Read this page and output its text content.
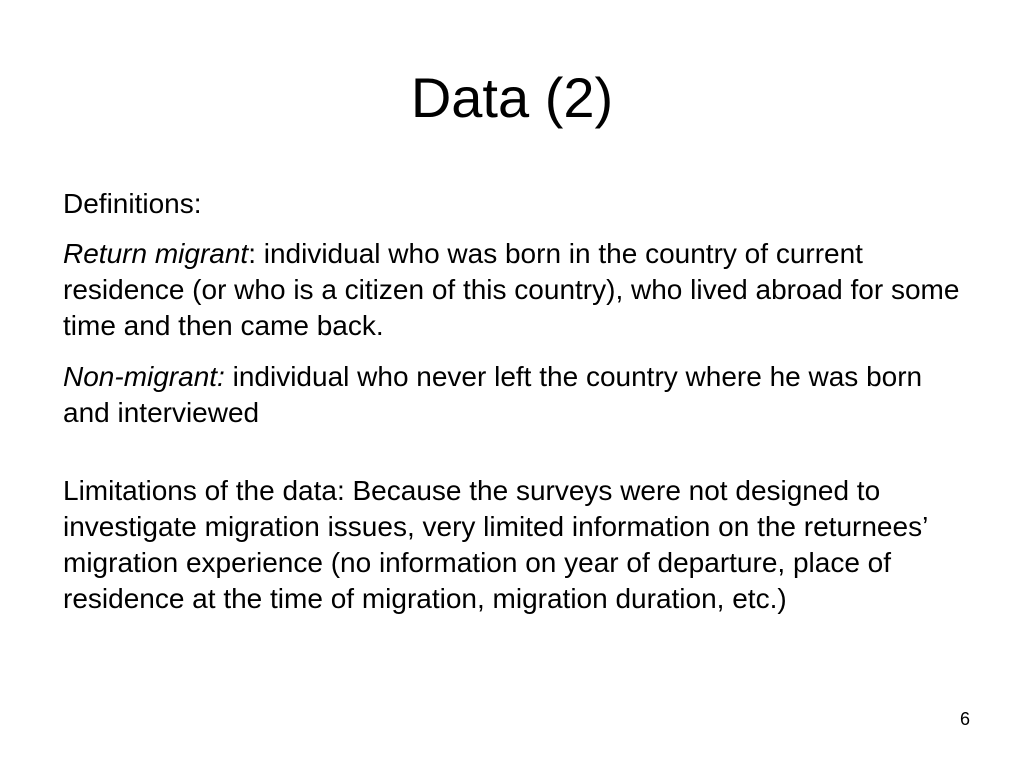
Data (2)

Definitions:

Return migrant: individual who was born in the country of current residence (or who is a citizen of this country), who lived abroad for some time and then came back.

Non-migrant: individual who never left the country where he was born and interviewed

Limitations of the data: Because the surveys were not designed to investigate migration issues, very limited information on the returnees’ migration experience (no information on year of departure, place of residence at the time of migration, migration duration, etc.)

6
